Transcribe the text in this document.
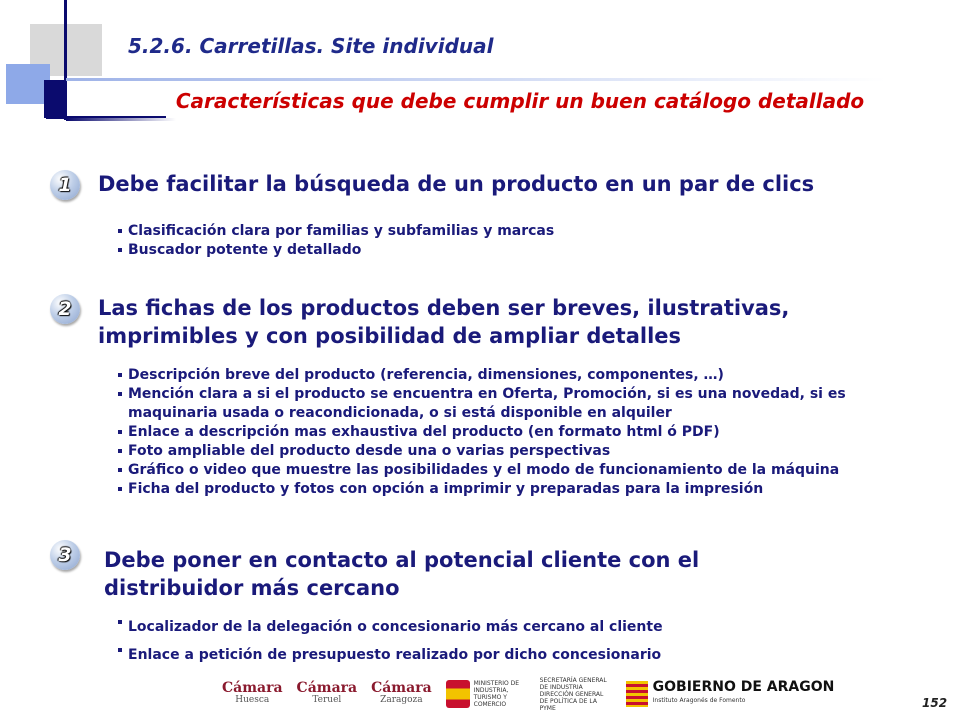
5.2.6. Carretillas. Site individual
Características que debe cumplir un buen catálogo detallado
1	Debe facilitar la búsqueda de un producto en un par de clics
Clasificación clara por familias y subfamilias y marcas
Buscador potente y detallado
2	Las fichas de los productos deben ser breves, ilustrativas, imprimibles y con posibilidad de ampliar detalles
Descripción breve del producto (referencia, dimensiones, componentes, …)
Mención clara a si el producto se encuentra en Oferta, Promoción, si es una novedad, si es maquinaria usada o reacondicionada, o si está disponible en alquiler
Enlace a descripción mas exhaustiva del producto (en formato html ó PDF)
Foto ampliable del producto desde una o varias perspectivas
Gráfico o video que muestre las posibilidades y el modo de funcionamiento de la máquina
Ficha del producto y fotos con opción a imprimir y preparadas para la impresión
3	Debe poner en contacto al potencial cliente con el distribuidor más cercano
Localizador de la delegación o concesionario más cercano al cliente
Enlace a petición de presupuesto realizado por dicho concesionario
Cámara
Huesca
Cámara
Teruel
Cámara
Zaragoza
MINISTERIO DE INDUSTRIA, TURISMO Y COMERCIO
SECRETARÍA GENERAL DE INDUSTRIA DIRECCIÓN GENERAL DE POLÍTICA DE LA PYME
GOBIERNO DE ARAGON
Instituto Aragonés de Fomento	152
